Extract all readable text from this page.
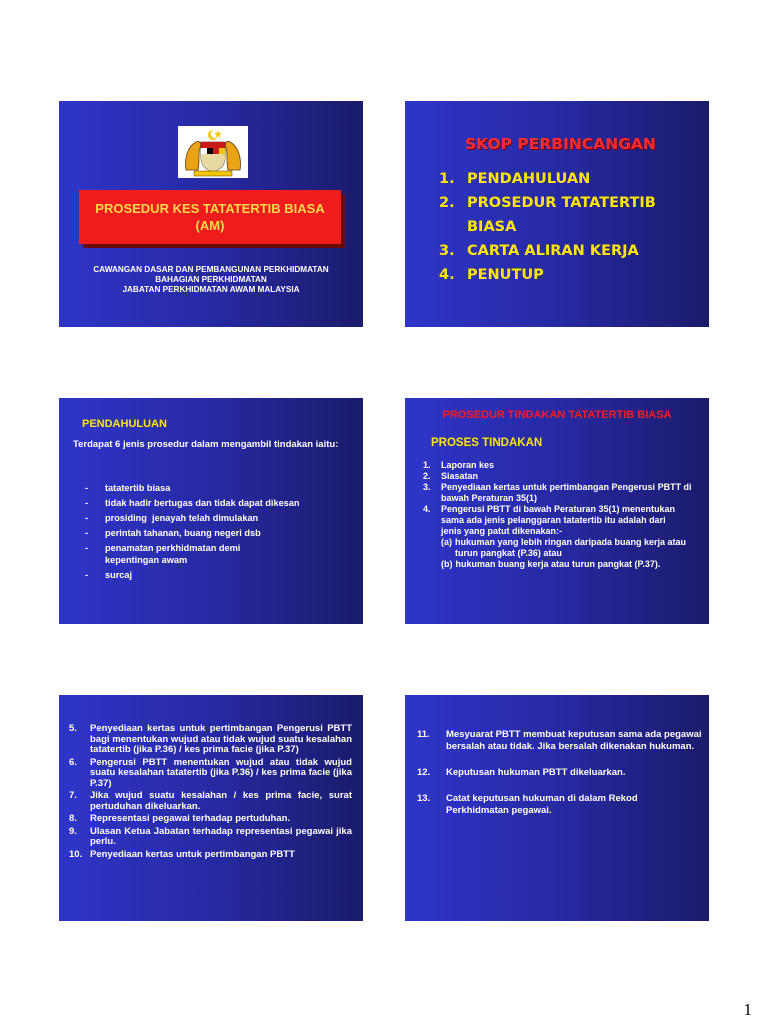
PROSEDUR KES TATATERTIB BIASA
(AM)
CAWANGAN DASAR DAN PEMBANGUNAN PERKHIDMATAN
BAHAGIAN PERKHIDMATAN
JABATAN PERKHIDMATAN AWAM MALAYSIA
SKOP PERBINCANGAN
1. PENDAHULUAN
2. PROSEDUR TATATERTIB BIASA
3. CARTA ALIRAN KERJA
4. PENUTUP
PENDAHULUAN
Terdapat 6 jenis prosedur dalam mengambil tindakan iaitu:
-	tatatertib biasa
-	tidak hadir bertugas dan tidak dapat dikesan
-	prosiding  jenayah telah dimulakan
-	perintah tahanan, buang negeri dsb
-	penamatan perkhidmatan demi kepentingan awam
-	surcaj
PROSEDUR TINDAKAN TATATERTIB BIASA
PROSES TINDAKAN
1.	Laporan kes
2.	Siasatan
3.	Penyediaan kertas untuk pertimbangan Pengerusi PBTT di bawah Peraturan 35(1)
4.	Pengerusi PBTT di bawah Peraturan 35(1) menentukan sama ada jenis pelanggaran tatatertib itu adalah dari jenis yang patut dikenakan:-
(a) hukuman yang lebih ringan daripada buang kerja atau turun pangkat (P.36) atau
(b) hukuman buang kerja atau turun pangkat (P.37).
5.	Penyediaan kertas untuk pertimbangan Pengerusi PBTT bagi menentukan wujud atau tidak wujud suatu kesalahan tatatertib (jika P.36) / kes prima facie (jika P.37)
6.	Pengerusi PBTT menentukan wujud atau tidak wujud suatu kesalahan tatatertib (jika P.36) / kes prima facie (jika P.37)
7.	Jika wujud suatu kesalahan / kes prima facie, surat pertuduhan dikeluarkan.
8.	Representasi pegawai terhadap pertuduhan.
9.	Ulasan Ketua Jabatan terhadap representasi pegawai jika perlu.
10. Penyediaan kertas untuk pertimbangan PBTT
11.	Mesyuarat PBTT membuat keputusan sama ada pegawai bersalah atau tidak. Jika bersalah dikenakan hukuman.
12.	Keputusan hukuman PBTT dikeluarkan.
13.	Catat keputusan hukuman di dalam Rekod Perkhidmatan pegawai.
1
